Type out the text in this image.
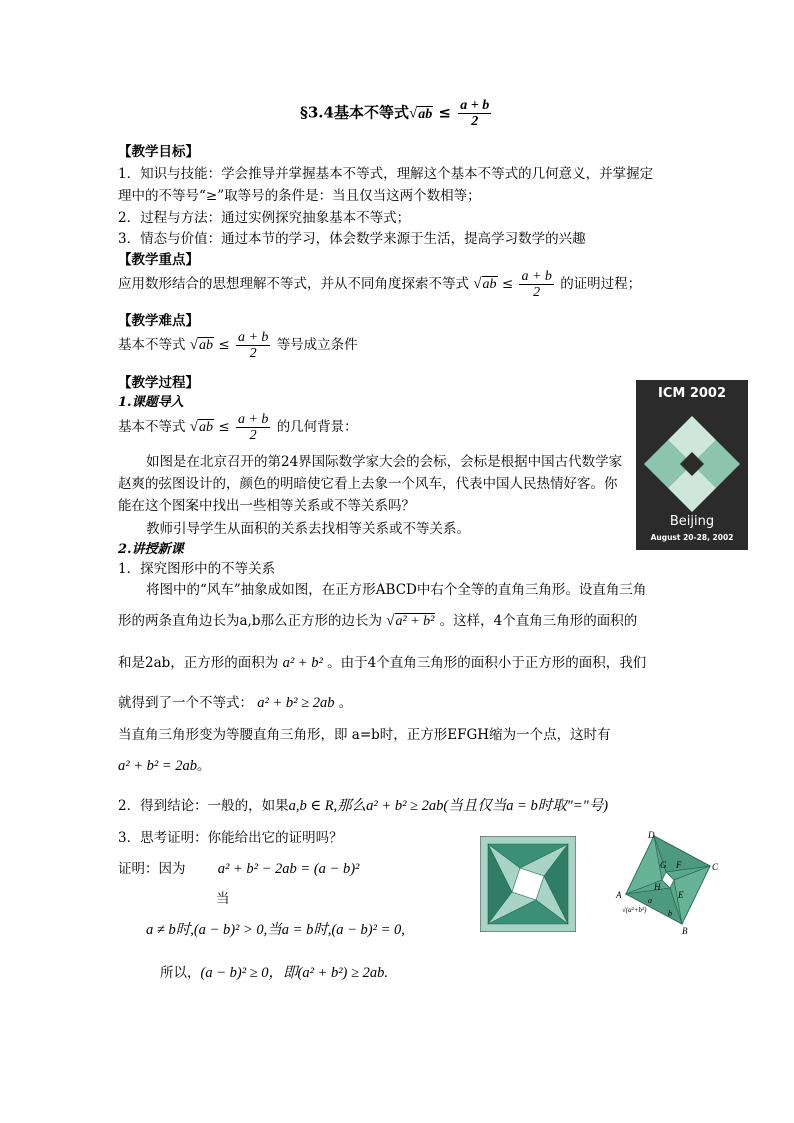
§3.4基本不等式$√ab \le \frac{a + b}{2}$
【教学目标】
1．知识与技能：学会推导并掌握基本不等式，理解这个基本不等式的几何意义，并掌握定
理中的不等号“≥”取等号的条件是：当且仅当这两个数相等；
2．过程与方法：通过实例探究抽象基本不等式；
3．情态与价值：通过本节的学习，体会数学来源于生活，提高学习数学的兴趣
【教学重点】
应用数形结合的思想理解不等式，并从不同角度探索不等式 $√ab \le \frac{a + b}{2}$ 的证明过程；
【教学难点】
基本不等式 $√ab \le \frac{a + b}{2}$ 等号成立条件
【教学过程】
1.课题导入
基本不等式 $√ab \le \frac{a + b}{2}$ 的几何背景：
如图是在北京召开的第24界国际数学家大会的会标，会标是根据中国古代数学家赵爽的弦图设计的，颜色的明暗使它看上去象一个风车，代表中国人民热情好客。你能在这个图案中找出一些相等关系或不等关系吗？
教师引导学生从面积的关系去找相等关系或不等关系。
ICM 2002
Beijing
August 20-28, 2002
2.讲授新课
1．探究图形中的不等关系
将图中的“风车”抽象成如图，在正方形ABCD中右个全等的直角三角形。设直角三角
形的两条直角边长为a,b那么正方形的边长为 √a² + b² 。这样，4个直角三角形的面积的
和是2ab，正方形的面积为 a² + b² 。由于4个直角三角形的面积小于正方形的面积，我们
就得到了一个不等式： a² + b² ≥ 2ab 。
当直角三角形变为等腰直角三角形，即 a=b时，正方形EFGH缩为一个点，这时有
a² + b² = 2ab。
2．得到结论：一般的，如果a,b ∈ R,那么a² + b² ≥ 2ab(当且仅当a = b时取"="号)
3．思考证明：你能给出它的证明吗？
证明：因为 a² + b² − 2ab = (a − b)²
当
a ≠ b时,(a − b)² > 0,当a = b时,(a − b)² = 0,
所以，(a − b)² ≥ 0，即(a² + b²) ≥ 2ab.
D
F	C
G
H
A	E
B
a
b
√(a²+b²)
